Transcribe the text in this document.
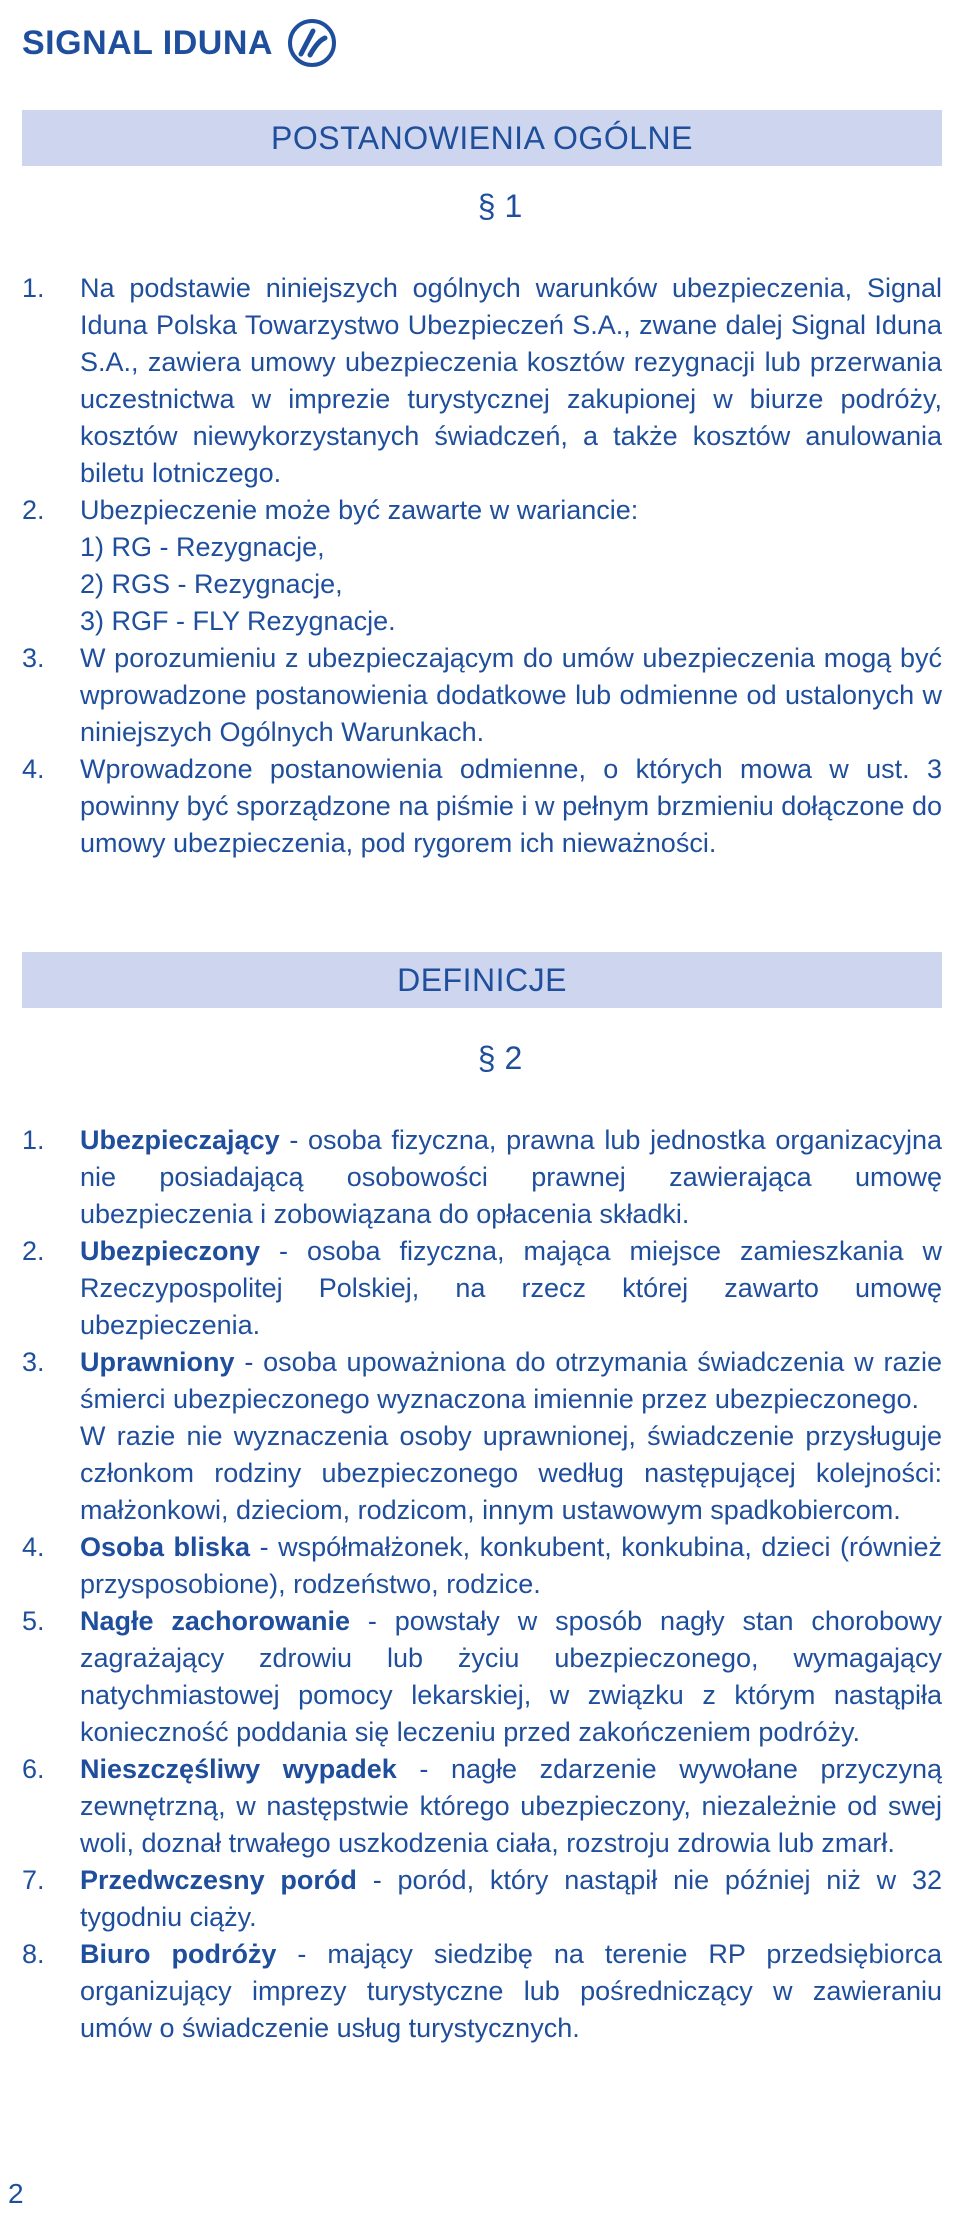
SIGNAL IDUNA
POSTANOWIENIA OGÓLNE
§ 1
1.	Na podstawie niniejszych ogólnych warunków ubezpieczenia, Signal Iduna Polska Towarzystwo Ubezpieczeń S.A., zwane dalej Signal Iduna S.A., zawiera umowy ubezpieczenia kosztów rezygnacji lub przerwania uczestnictwa w imprezie turystycznej zakupionej w biurze podróży, kosztów niewykorzystanych świadczeń, a także kosztów anulowania biletu lotniczego.
2.	Ubezpieczenie może być zawarte w wariancie:
1) RG - Rezygnacje,
2) RGS - Rezygnacje,
3) RGF - FLY Rezygnacje.
3.	W porozumieniu z ubezpieczającym do umów ubezpieczenia mogą być wprowadzone postanowienia dodatkowe lub odmienne od ustalonych w niniejszych Ogólnych Warunkach.
4.	Wprowadzone postanowienia odmienne, o których mowa w ust. 3 powinny być sporządzone na piśmie i w pełnym brzmieniu dołączone do umowy ubezpieczenia, pod rygorem ich nieważności.
DEFINICJE
§ 2
1.	Ubezpieczający - osoba fizyczna, prawna lub jednostka organizacyjna nie posiadającą osobowości prawnej zawierająca umowę ubezpieczenia i zobowiązana do opłacenia składki.
2.	Ubezpieczony - osoba fizyczna, mająca miejsce zamieszkania w Rzeczypospolitej Polskiej, na rzecz której zawarto umowę ubezpieczenia.
3.	Uprawniony - osoba upoważniona do otrzymania świadczenia w razie śmierci ubezpieczonego wyznaczona imiennie przez ubezpieczonego.
W razie nie wyznaczenia osoby uprawnionej, świadczenie przysługuje członkom rodziny ubezpieczonego według następującej kolejności: małżonkowi, dzieciom, rodzicom, innym ustawowym spadkobiercom.
4.	Osoba bliska - współmałżonek, konkubent, konkubina, dzieci (również przysposobione), rodzeństwo, rodzice.
5.	Nagłe zachorowanie - powstały w sposób nagły stan chorobowy zagrażający zdrowiu lub życiu ubezpieczonego, wymagający natychmiastowej pomocy lekarskiej, w związku z którym nastąpiła konieczność poddania się leczeniu przed zakończeniem podróży.
6.	Nieszczęśliwy wypadek - nagłe zdarzenie wywołane przyczyną zewnętrzną, w następstwie którego ubezpieczony, niezależnie od swej woli, doznał trwałego uszkodzenia ciała, rozstroju zdrowia lub zmarł.
7.	Przedwczesny poród - poród, który nastąpił nie później niż w 32 tygodniu ciąży.
8.	Biuro podróży - mający siedzibę na terenie RP przedsiębiorca organizujący imprezy turystyczne lub pośredniczący w zawieraniu umów o świadczenie usług turystycznych.
2
